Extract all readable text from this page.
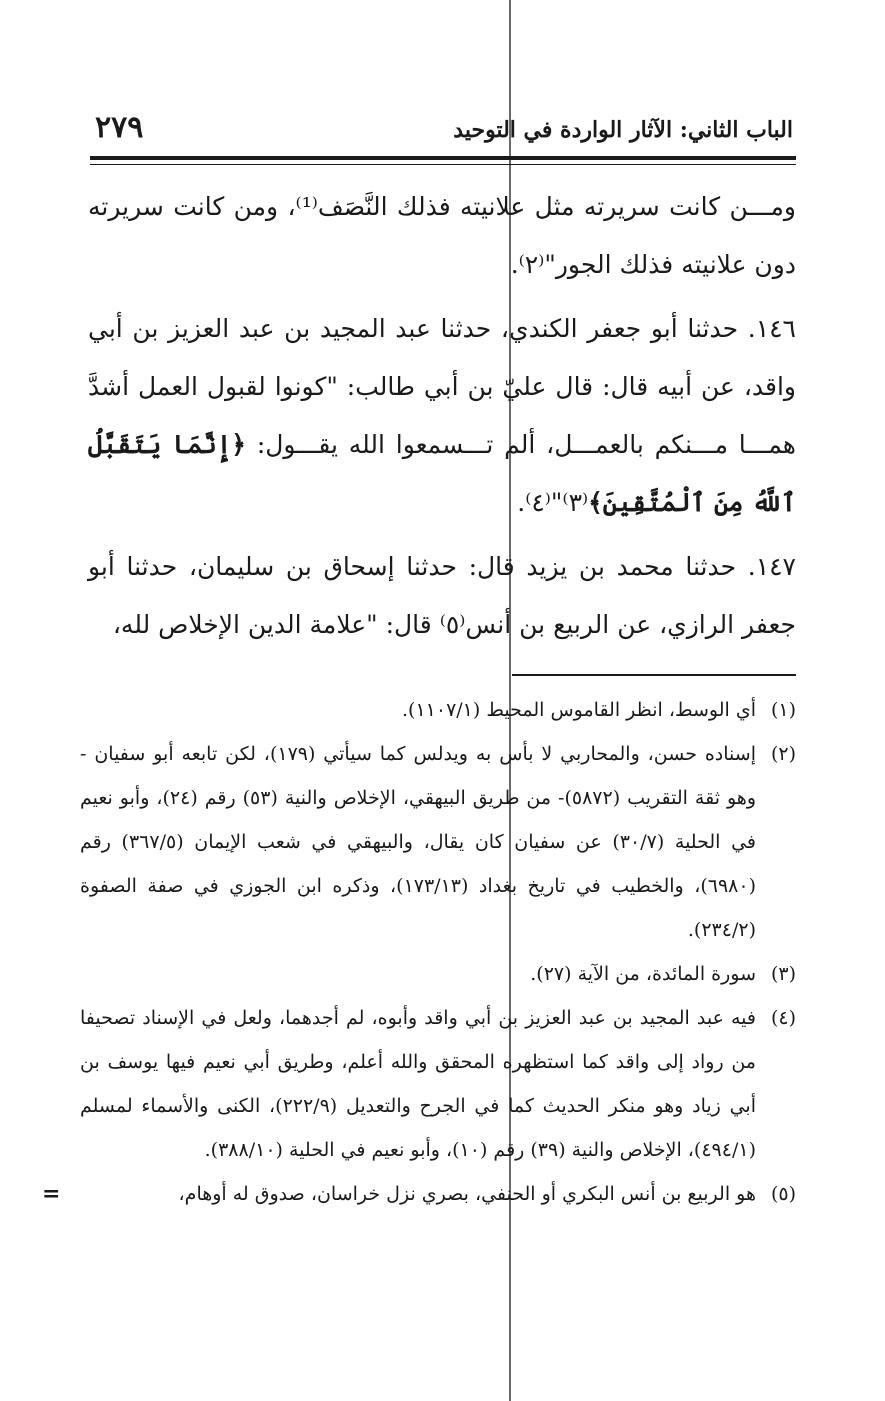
الباب الثاني: الآثار الواردة في التوحيد
٢٧٩

ومـــن كانت سريرته مثل علانيته فذلك النَّصَف⁽¹⁾، ومن كانت سريرته دون علانيته فذلك الجور"⁽٢⁾.

١٤٦. حدثنا أبو جعفر الكندي، حدثنا عبد المجيد بن عبد العزيز بن أبي واقد، عن أبيه قال: قال عليّ بن أبي طالب: "كونوا لقبول العمل أشدَّ همـــا مـــنكم بالعمـــل، ألم تـــسمعوا الله يقـــول: ﴿إِنَّمَا يَتَقَبَّلُ ٱللَّهُ مِنَ ٱلْمُتَّقِينَ﴾⁽٣⁾"⁽٤⁾.

١٤٧. حدثنا محمد بن يزيد قال: حدثنا إسحاق بن سليمان، حدثنا أبو جعفر الرازي، عن الربيع بن أنس⁽٥⁾ قال: "علامة الدين الإخلاص لله،

(١)
أي الوسط، انظر القاموس المحيط (١١٠٧/١).
(٢)
إسناده حسن، والمحاربي لا بأس به ويدلس كما سيأتي (١٧٩)، لكن تابعه أبو سفيان - وهو ثقة التقريب (٥٨٧٢)- من طريق البيهقي، الإخلاص والنية (٥٣) رقم (٢٤)، وأبو نعيم في الحلية (٣٠/٧) عن سفيان كان يقال، والبيهقي في شعب الإيمان (٣٦٧/٥) رقم (٦٩٨٠)، والخطيب في تاريخ بغداد (١٧٣/١٣)، وذكره ابن الجوزي في صفة الصفوة (٢٣٤/٢).
(٣)
سورة المائدة، من الآية (٢٧).
(٤)
فيه عبد المجيد بن عبد العزيز بن أبي واقد وأبوه، لم أجدهما، ولعل في الإسناد تصحيفا من رواد إلى واقد كما استظهره المحقق والله أعلم، وطريق أبي نعيم فيها يوسف بن أبي زياد وهو منكر الحديث كما في الجرح والتعديل (٢٢٢/٩)، الكنى والأسماء لمسلم (٤٩٤/١)، الإخلاص والنية (٣٩) رقم (١٠)، وأبو نعيم في الحلية (٣٨٨/١٠).
(٥)
هو الربيع بن أنس البكري أو الحنفي، بصري نزل خراسان، صدوق له أوهام،
=
